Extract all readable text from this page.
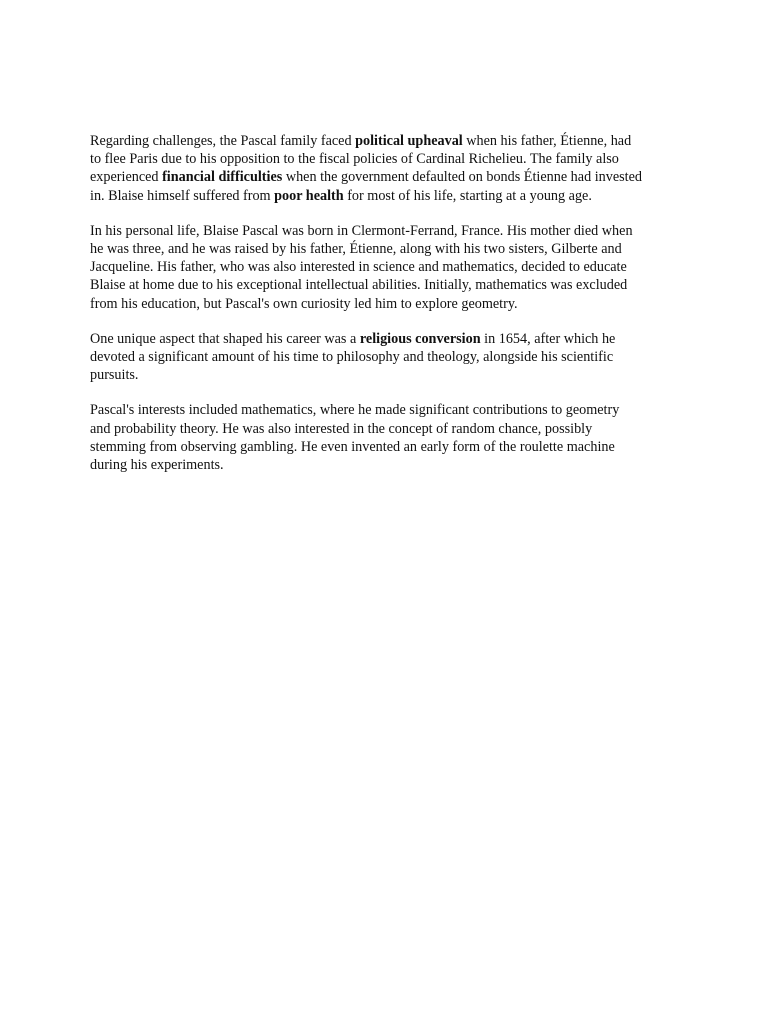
Regarding challenges, the Pascal family faced political upheaval when his father, Étienne, had
to flee Paris due to his opposition to the fiscal policies of Cardinal Richelieu. The family also
experienced financial difficulties when the government defaulted on bonds Étienne had invested
in. Blaise himself suffered from poor health for most of his life, starting at a young age.

In his personal life, Blaise Pascal was born in Clermont-Ferrand, France. His mother died when
he was three, and he was raised by his father, Étienne, along with his two sisters, Gilberte and
Jacqueline. His father, who was also interested in science and mathematics, decided to educate
Blaise at home due to his exceptional intellectual abilities. Initially, mathematics was excluded
from his education, but Pascal's own curiosity led him to explore geometry.

One unique aspect that shaped his career was a religious conversion in 1654, after which he
devoted a significant amount of his time to philosophy and theology, alongside his scientific
pursuits.

Pascal's interests included mathematics, where he made significant contributions to geometry
and probability theory. He was also interested in the concept of random chance, possibly
stemming from observing gambling. He even invented an early form of the roulette machine
during his experiments.
